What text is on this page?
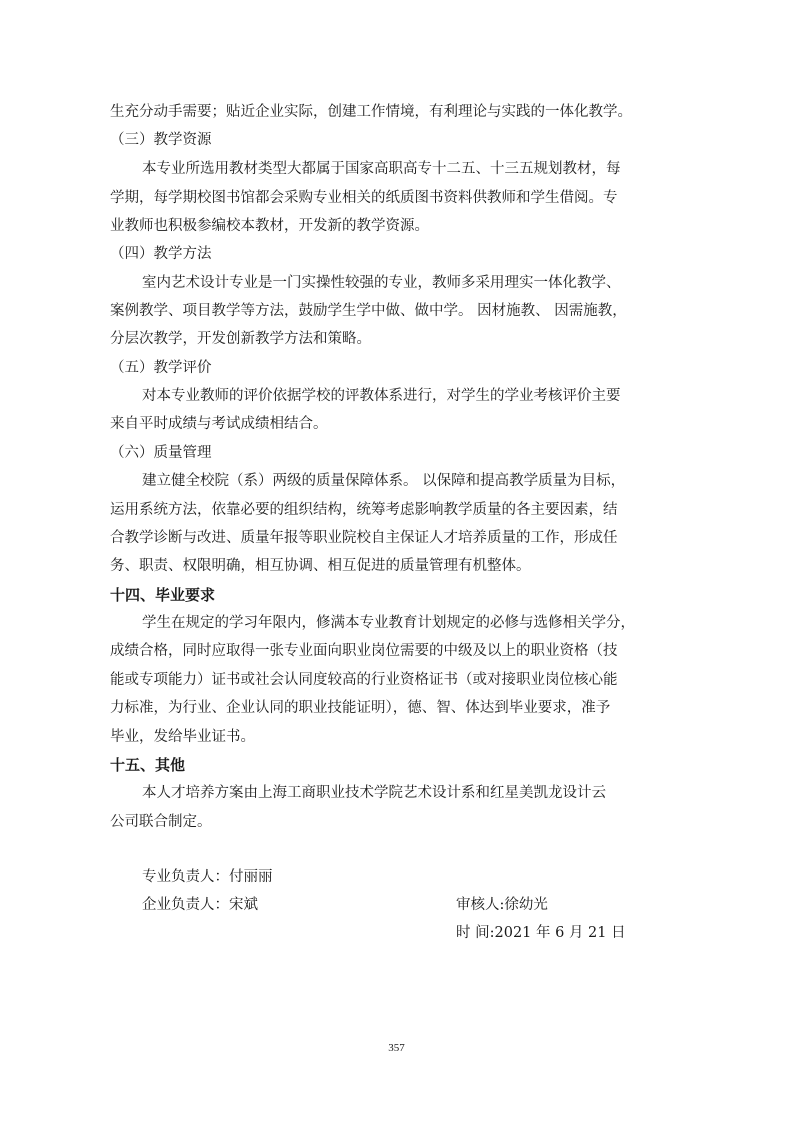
生充分动手需要；贴近企业实际，创建工作情境，有利理论与实践的一体化教学。
（三）教学资源
本专业所选用教材类型大都属于国家高职高专十二五、十三五规划教材，每
学期，每学期校图书馆都会采购专业相关的纸质图书资料供教师和学生借阅。专
业教师也积极参编校本教材，开发新的教学资源。
（四）教学方法
室内艺术设计专业是一门实操性较强的专业，教师多采用理实一体化教学、
案例教学、项目教学等方法，鼓励学生学中做、做中学。 因材施教、 因需施教，
分层次教学，开发创新教学方法和策略。
（五）教学评价
对本专业教师的评价依据学校的评教体系进行，对学生的学业考核评价主要
来自平时成绩与考试成绩相结合。
（六）质量管理
建立健全校院（系）两级的质量保障体系。 以保障和提高教学质量为目标，
运用系统方法，依靠必要的组织结构，统筹考虑影响教学质量的各主要因素，结
合教学诊断与改进、质量年报等职业院校自主保证人才培养质量的工作，形成任
务、职责、权限明确，相互协调、相互促进的质量管理有机整体。
十四、毕业要求
学生在规定的学习年限内，修满本专业教育计划规定的必修与选修相关学分，
成绩合格，同时应取得一张专业面向职业岗位需要的中级及以上的职业资格（技
能或专项能力）证书或社会认同度较高的行业资格证书（或对接职业岗位核心能
力标准，为行业、企业认同的职业技能证明），德、智、体达到毕业要求，准予
毕业，发给毕业证书。
十五、其他
本人才培养方案由上海工商职业技术学院艺术设计系和红星美凯龙设计云
公司联合制定。
专业负责人：付丽丽
企业负责人：宋斌	审核人:徐幼光
时 间:2021 年 6 月 21 日
357
